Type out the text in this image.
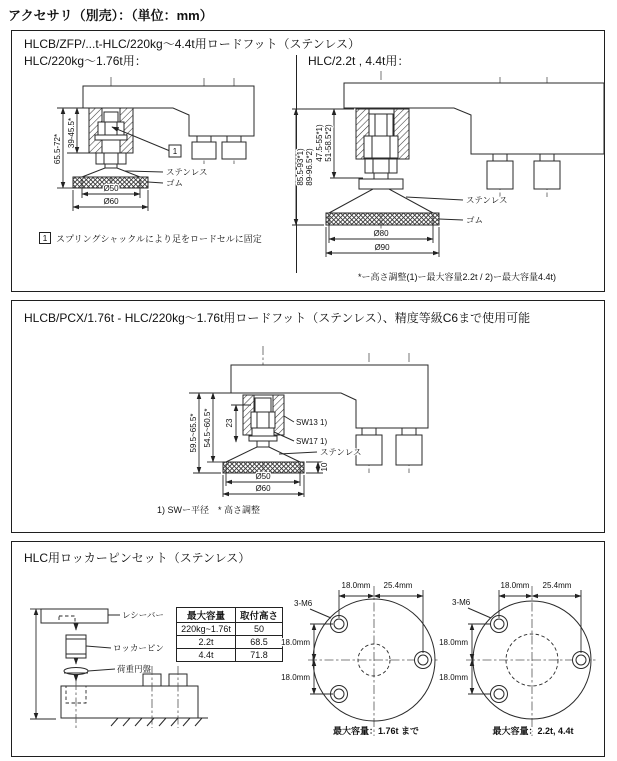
アクセサリ（別売）：（単位：mm）
HLCB/ZFP/...t-HLC/220kg～4.4t用ロードフット（ステンレス）
HLC/220kg～1.76t用：	HLC/2.2t , 4.4t用：
39-45.5*
65.5-72*
Ø50
Ø60
1
ステンレス
ゴム
47.5-55*1) 51-58.5*2)
85.5-93*1) 89-96.5*2)
Ø80
Ø90
ステンレス
ゴム
1 スプリングシャックルにより足をロードセルに固定
*ー高さ調整(1)ー最大容量2.2t / 2)ー最大容量4.4t)
HLCB/PCX/1.76t - HLC/220kg～1.76t用ロードフット（ステンレス）、精度等級C6まで使用可能
54.5~60.5*
59.5~65.5*	23
10
Ø50
Ø60
SW13 1)
SW17 1)
ステンレス
1) SWー平径　* 高さ調整
HLC用ロッカーピンセット（ステンレス）
レシーバー
ロッカーピン
荷重円盤
最大容量	取付高さ
220kg~1.76t	50
2.2t	68.5
4.4t	71.8
18.0mm 25.4mm
18.0mm
18.0mm
3-M6
最大容量：1.76t まで
18.0mm 25.4mm
18.0mm
18.0mm
3-M6
最大容量：2.2t, 4.4t
